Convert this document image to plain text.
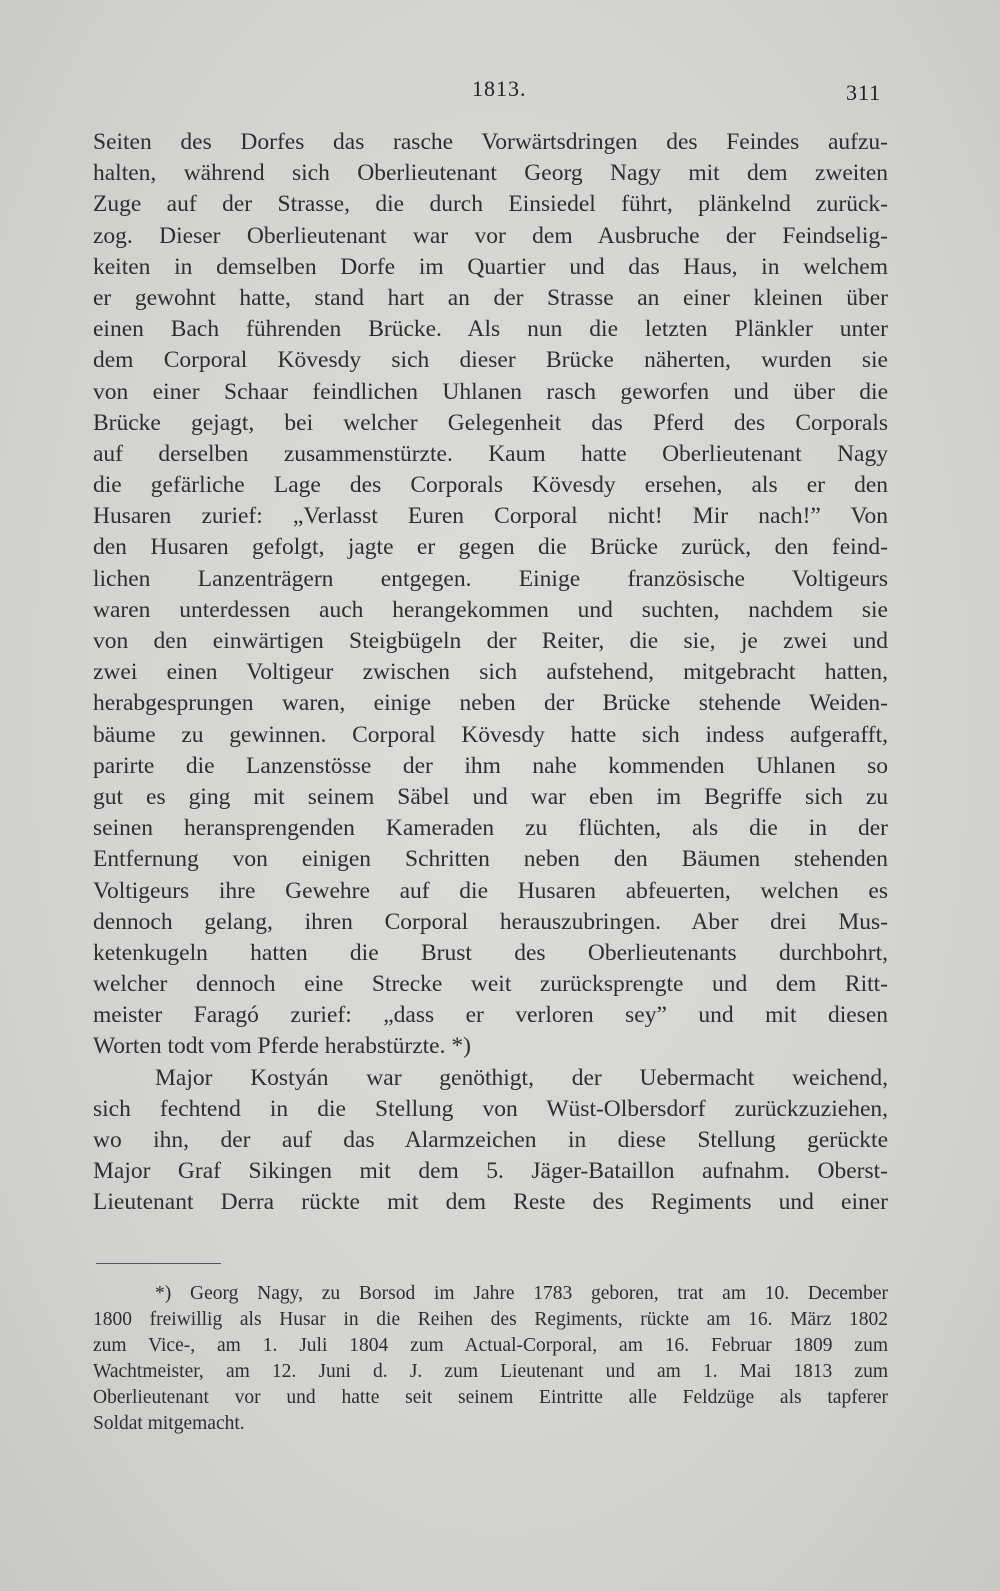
1813.	311
Seiten des Dorfes das rasche Vorwärtsdringen des Feindes aufzu-
halten, während sich Oberlieutenant Georg Nagy mit dem zweiten
Zuge auf der Strasse, die durch Einsiedel führt, plänkelnd zurück-
zog. Dieser Oberlieutenant war vor dem Ausbruche der Feindselig-
keiten in demselben Dorfe im Quartier und das Haus, in welchem
er gewohnt hatte, stand hart an der Strasse an einer kleinen über
einen Bach führenden Brücke. Als nun die letzten Plänkler unter
dem Corporal Kövesdy sich dieser Brücke näherten, wurden sie
von einer Schaar feindlichen Uhlanen rasch geworfen und über die
Brücke gejagt, bei welcher Gelegenheit das Pferd des Corporals
auf derselben zusammenstürzte. Kaum hatte Oberlieutenant Nagy
die gefärliche Lage des Corporals Kövesdy ersehen, als er den
Husaren zurief: „Verlasst Euren Corporal nicht! Mir nach!” Von
den Husaren gefolgt, jagte er gegen die Brücke zurück, den feind-
lichen Lanzenträgern entgegen. Einige französische Voltigeurs
waren unterdessen auch herangekommen und suchten, nachdem sie
von den einwärtigen Steigbügeln der Reiter, die sie, je zwei und
zwei einen Voltigeur zwischen sich aufstehend, mitgebracht hatten,
herabgesprungen waren, einige neben der Brücke stehende Weiden-
bäume zu gewinnen. Corporal Kövesdy hatte sich indess aufgerafft,
parirte die Lanzenstösse der ihm nahe kommenden Uhlanen so
gut es ging mit seinem Säbel und war eben im Begriffe sich zu
seinen heransprengenden Kameraden zu flüchten, als die in der
Entfernung von einigen Schritten neben den Bäumen stehenden
Voltigeurs ihre Gewehre auf die Husaren abfeuerten, welchen es
dennoch gelang, ihren Corporal herauszubringen. Aber drei Mus-
ketenkugeln hatten die Brust des Oberlieutenants durchbohrt,
welcher dennoch eine Strecke weit zurücksprengte und dem Ritt-
meister Faragó zurief: „dass er verloren sey” und mit diesen
Worten todt vom Pferde herabstürzte. *)
Major Kostyán war genöthigt, der Uebermacht weichend,
sich fechtend in die Stellung von Wüst-Olbersdorf zurückzuziehen,
wo ihn, der auf das Alarmzeichen in diese Stellung gerückte
Major Graf Sikingen mit dem 5. Jäger-Bataillon aufnahm. Oberst-
Lieutenant Derra rückte mit dem Reste des Regiments und einer
*) Georg Nagy, zu Borsod im Jahre 1783 geboren, trat am 10. December
1800 freiwillig als Husar in die Reihen des Regiments, rückte am 16. März 1802
zum Vice-, am 1. Juli 1804 zum Actual-Corporal, am 16. Februar 1809 zum
Wachtmeister, am 12. Juni d. J. zum Lieutenant und am 1. Mai 1813 zum
Oberlieutenant vor und hatte seit seinem Eintritte alle Feldzüge als tapferer
Soldat mitgemacht.
